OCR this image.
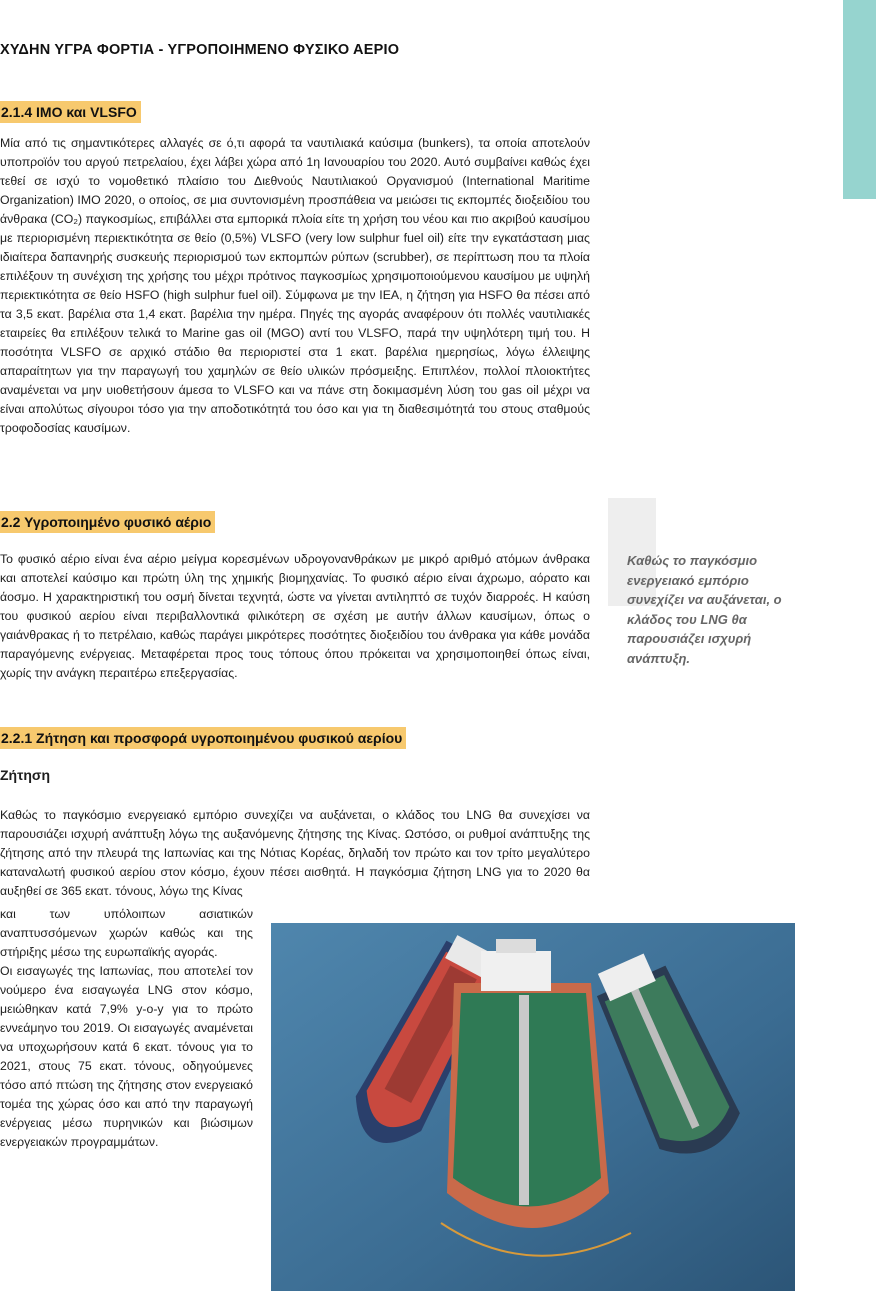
ΧΥΔΗΝ ΥΓΡΑ ΦΟΡΤΙΑ - ΥΓΡΟΠΟΙΗΜΕΝΟ ΦΥΣΙΚΟ ΑΕΡΙΟ
2.1.4 IMO και VLSFO

Μία από τις σημαντικότερες αλλαγές σε ό,τι αφορά τα ναυτιλιακά καύσιμα (bunkers), τα οποία αποτελούν υποπροϊόν του αργού πετρελαίου, έχει λάβει χώρα από 1η Ιανουαρίου του 2020. Αυτό συμβαίνει καθώς έχει τεθεί σε ισχύ το νομοθετικό πλαίσιο του Διεθνούς Ναυτιλιακού Οργανισμού (International Maritime Organization) IMO 2020, ο οποίος, σε μια συντονισμένη προσπάθεια να μειώσει τις εκπομπές διοξειδίου του άνθρακα (CO₂) παγκοσμίως, επιβάλλει στα εμπορικά πλοία είτε τη χρήση του νέου και πιο ακριβού καυσίμου με περιορισμένη περιεκτικότητα σε θείο (0,5%) VLSFO (very low sulphur fuel oil) είτε την εγκατάσταση μιας ιδιαίτερα δαπανηρής συσκευής περιορισμού των εκπομπών ρύπων (scrubber), σε περίπτωση που τα πλοία επιλέξουν τη συνέχιση της χρήσης του μέχρι πρότινος παγκοσμίως χρησιμοποιούμενου καυσίμου με υψηλή περιεκτικότητα σε θείο HSFO (high sulphur fuel oil). Σύμφωνα με την IEA, η ζήτηση για HSFO θα πέσει από τα 3,5 εκατ. βαρέλια στα 1,4 εκατ. βαρέλια την ημέρα. Πηγές της αγοράς αναφέρουν ότι πολλές ναυτιλιακές εταιρείες θα επιλέξουν τελικά το Marine gas oil (MGO) αντί του VLSFO, παρά την υψηλότερη τιμή του. Η ποσότητα VLSFO σε αρχικό στάδιο θα περιοριστεί στα 1 εκατ. βαρέλια ημερησίως, λόγω έλλειψης απαραίτητων για την παραγωγή του χαμηλών σε θείο υλικών πρόσμειξης. Επιπλέον, πολλοί πλοιοκτήτες αναμένεται να μην υιοθετήσουν άμεσα το VLSFO και να πάνε στη δοκιμασμένη λύση του gas oil μέχρι να είναι απολύτως σίγουροι τόσο για την αποδοτικότητά του όσο και για τη διαθεσιμότητά του στους σταθμούς τροφοδοσίας καυσίμων.

2.2 Υγροποιημένο φυσικό αέριο

Το φυσικό αέριο είναι ένα αέριο μείγμα κορεσμένων υδρογονανθράκων με μικρό αριθμό ατόμων άνθρακα και αποτελεί καύσιμο και πρώτη ύλη της χημικής βιομηχανίας. Το φυσικό αέριο είναι άχρωμο, αόρατο και άοσμο. Η χαρακτηριστική του οσμή δίνεται τεχνητά, ώστε να γίνεται αντιληπτό σε τυχόν διαρροές. Η καύση του φυσικού αερίου είναι περιβαλλοντικά φιλικότερη σε σχέση με αυτήν άλλων καυσίμων, όπως ο γαιάνθρακας ή το πετρέλαιο, καθώς παράγει μικρότερες ποσότητες διοξειδίου του άνθρακα για κάθε μονάδα παραγόμενης ενέργειας. Μεταφέρεται προς τους τόπους όπου πρόκειται να χρησιμοποιηθεί όπως είναι, χωρίς την ανάγκη περαιτέρω επεξεργασίας.

Καθώς το παγκόσμιο ενεργειακό εμπόριο συνεχίζει να αυξάνεται, ο κλάδος του LNG θα παρουσιάζει ισχυρή ανάπτυξη.

2.2.1 Ζήτηση και προσφορά υγροποιημένου φυσικού αερίου
Ζήτηση

Καθώς το παγκόσμιο ενεργειακό εμπόριο συνεχίζει να αυξάνεται, ο κλάδος του LNG θα συνεχίσει να παρουσιάζει ισχυρή ανάπτυξη λόγω της αυξανόμενης ζήτησης της Κίνας. Ωστόσο, οι ρυθμοί ανάπτυξης της ζήτησης από την πλευρά της Ιαπωνίας και της Νότιας Κορέας, δηλαδή τον πρώτο και τον τρίτο μεγαλύτερο καταναλωτή φυσικού αερίου στον κόσμο, έχουν πέσει αισθητά. Η παγκόσμια ζήτηση LNG για το 2020 θα αυξηθεί σε 365 εκατ. τόνους, λόγω της Κίνας

και των υπόλοιπων ασιατικών αναπτυσσόμενων χωρών καθώς και της στήριξης μέσω της ευρωπαϊκής αγοράς.
Οι εισαγωγές της Ιαπωνίας, που αποτελεί τον νούμερο ένα εισαγωγέα LNG στον κόσμο, μειώθηκαν κατά 7,9% y-o-y για το πρώτο εννεάμηνο του 2019. Οι εισαγωγές αναμένεται να υποχωρήσουν κατά 6 εκατ. τόνους για το 2021, στους 75 εκατ. τόνους, οδηγούμενες τόσο από πτώση της ζήτησης στον ενεργειακό τομέα της χώρας όσο και από την παραγωγή ενέργειας μέσω πυρηνικών και βιώσιμων ενεργειακών προγραμμάτων.
